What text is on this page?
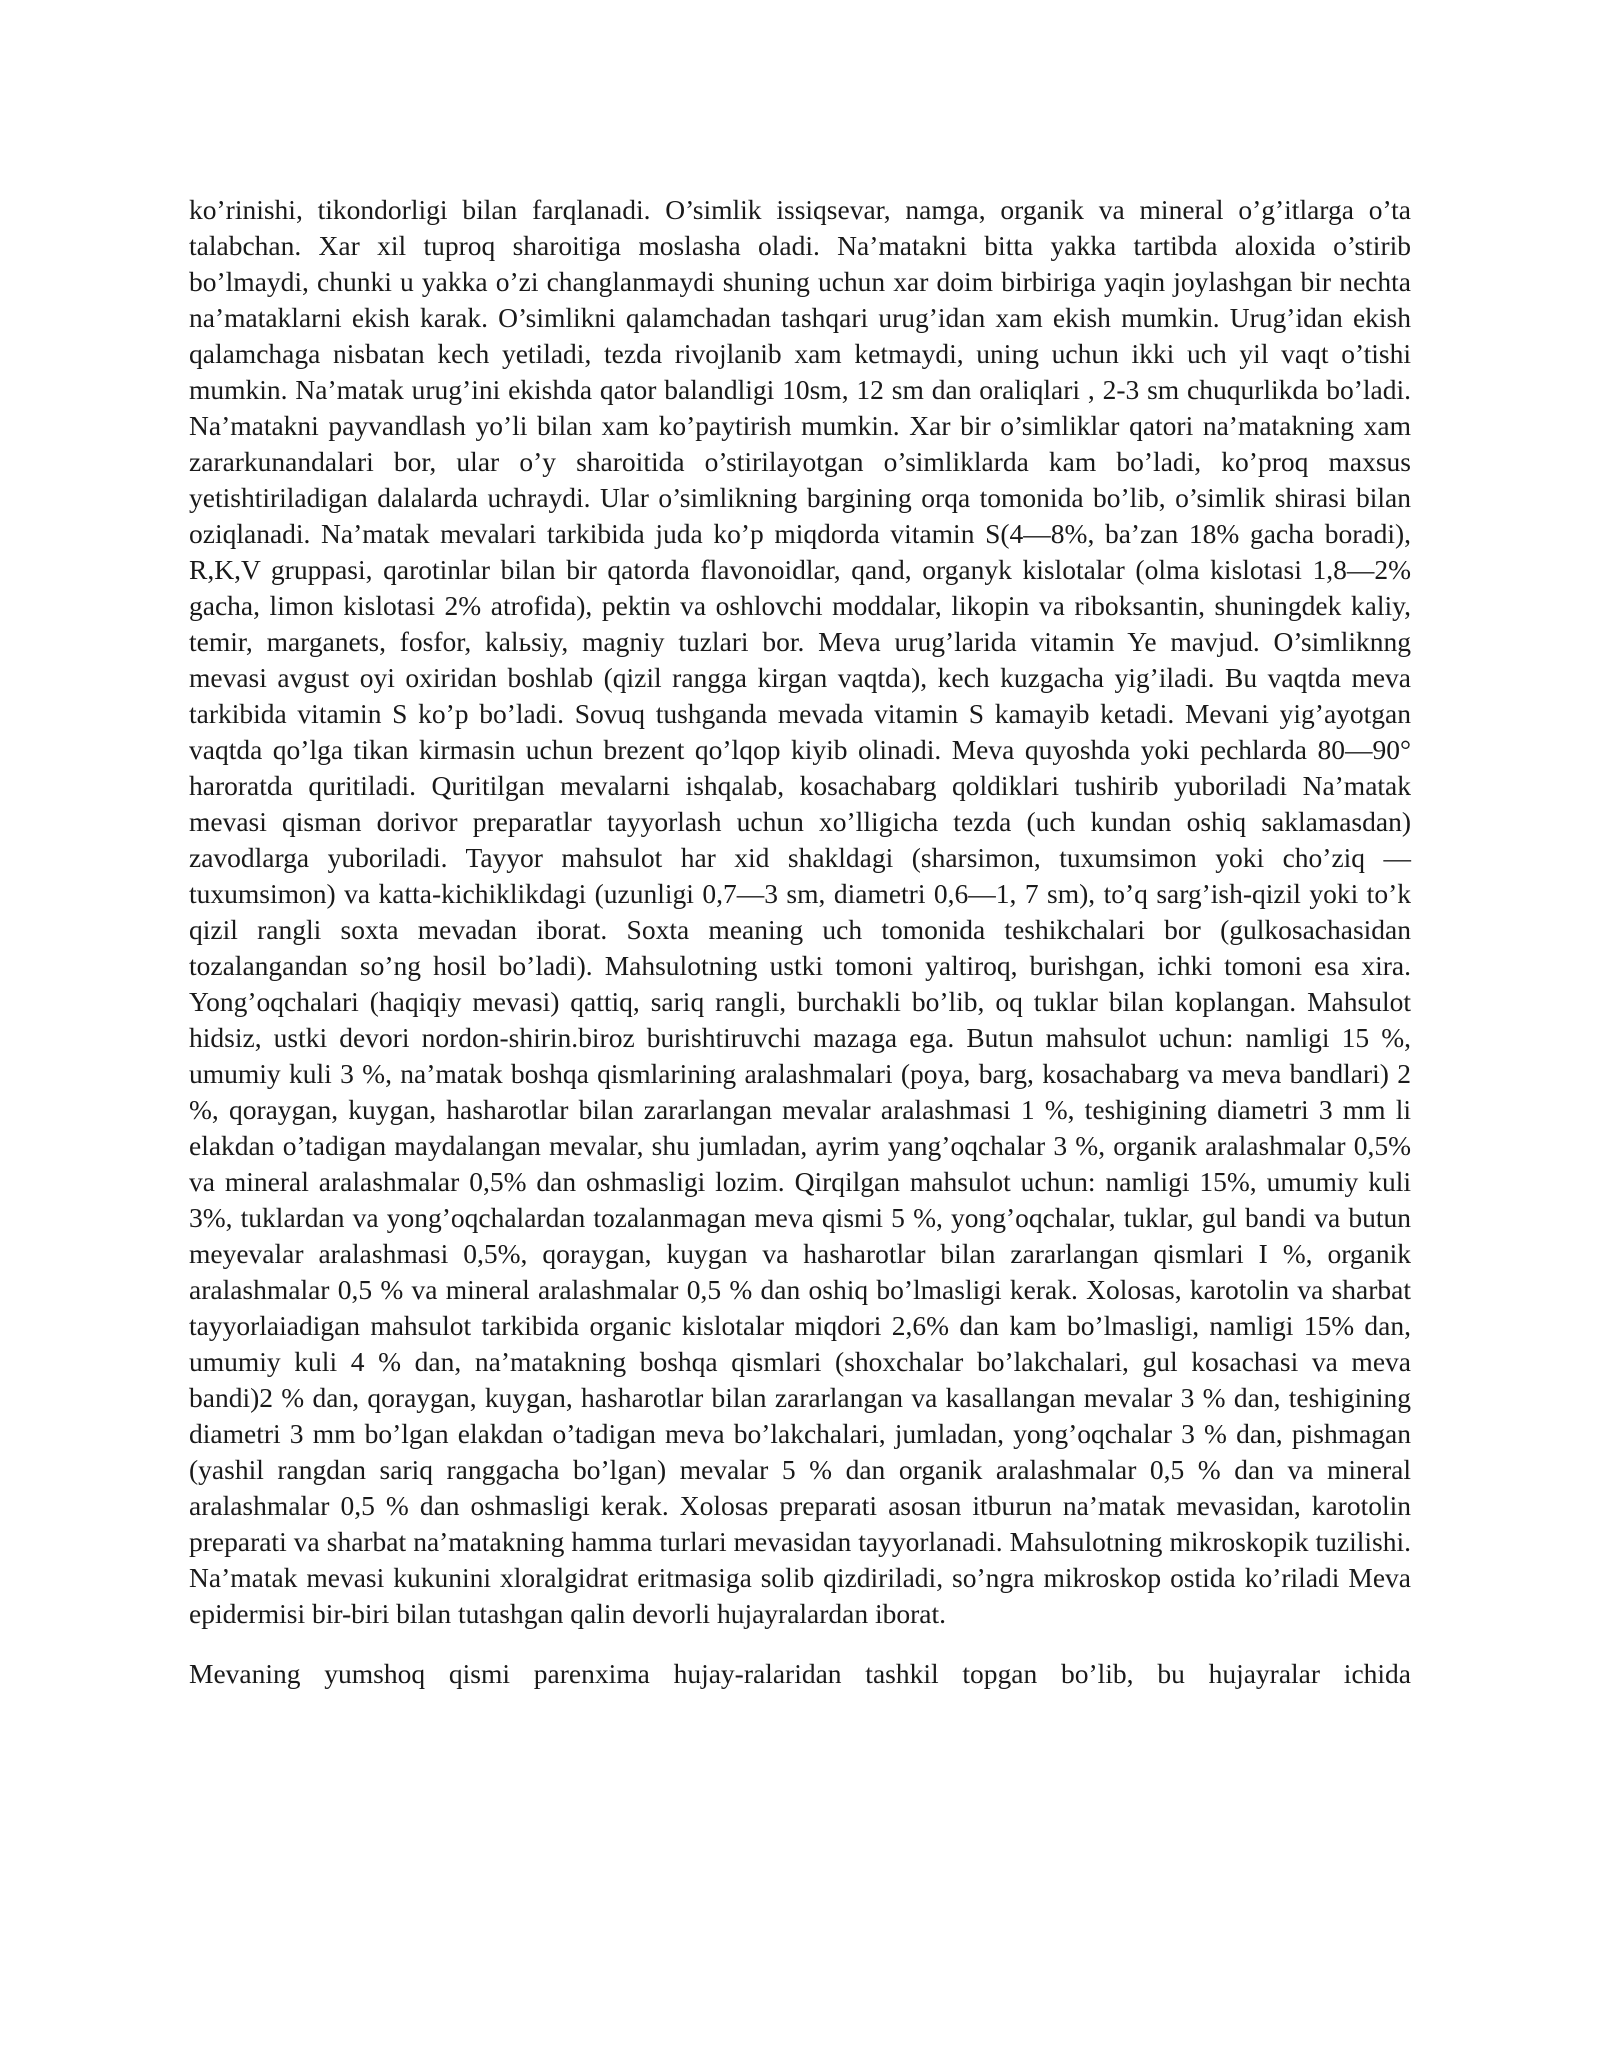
ko’rinishi, tikondorligi bilan farqlanadi. O’simlik issiqsevar, namga, organik va mineral o’g’itlarga o’ta talabchan. Xar xil tuproq sharoitiga moslasha oladi. Na’matakni bitta yakka tartibda aloxida o’stirib bo’lmaydi, chunki u yakka o’zi changlanmaydi shuning uchun xar doim birbiriga yaqin joylashgan bir nechta na’mataklarni ekish karak. O’simlikni qalamchadan tashqari urug’idan xam ekish mumkin. Urug’idan ekish qalamchaga nisbatan kech yetiladi, tezda rivojlanib xam ketmaydi, uning uchun ikki uch yil vaqt o’tishi mumkin. Na’matak urug’ini ekishda qator balandligi 10sm, 12 sm dan oraliqlari , 2-3 sm chuqurlikda bo’ladi. Na’matakni payvandlash yo’li bilan xam ko’paytirish mumkin. Xar bir o’simliklar qatori na’matakning xam zararkunandalari bor, ular o’y sharoitida o’stirilayotgan o’simliklarda kam bo’ladi, ko’proq maxsus yetishtiriladigan dalalarda uchraydi. Ular o’simlikning bargining orqa tomonida bo’lib, o’simlik shirasi bilan oziqlanadi. Na’matak mevalari tarkibida juda ko’p miqdorda vitamin S(4—8%, ba’zan 18% gacha boradi), R,K,V gruppasi, qarotinlar bilan bir qatorda flavonoidlar, qand, organyk kislotalar (olma kislotasi 1,8—2% gacha, limon kislotasi 2% atrofida), pektin va oshlovchi moddalar, likopin va riboksantin, shuningdek kaliy, temir, marganets, fosfor, kalьsiy, magniy tuzlari bor. Meva urug’larida vitamin Ye mavjud. O’simliknng mevasi avgust oyi oxiridan boshlab (qizil rangga kirgan vaqtda), kech kuzgacha yig’iladi. Bu vaqtda meva tarkibida vitamin S ko’p bo’ladi. Sovuq tushganda mevada vitamin S kamayib ketadi. Mevani yig’ayotgan vaqtda qo’lga tikan kirmasin uchun brezent qo’lqop kiyib olinadi. Meva quyoshda yoki pechlarda 80—90° haroratda quritiladi. Quritilgan mevalarni ishqalab, kosachabarg qoldiklari tushirib yuboriladi Na’matak mevasi qisman dorivor preparatlar tayyorlash uchun xo’lligicha tezda (uch kundan oshiq saklamasdan) zavodlarga yuboriladi. Tayyor mahsulot har xid shakldagi (sharsimon, tuxumsimon yoki cho’ziq — tuxumsimon) va katta-kichiklikdagi (uzunligi 0,7—3 sm, diametri 0,6—1, 7 sm), to’q sarg’ish-qizil yoki to’k qizil rangli soxta mevadan iborat. Soxta meaning uch tomonida teshikchalari bor (gulkosachasidan tozalangandan so’ng hosil bo’ladi). Mahsulotning ustki tomoni yaltiroq, burishgan, ichki tomoni esa xira. Yong’oqchalari (haqiqiy mevasi) qattiq, sariq rangli, burchakli bo’lib, oq tuklar bilan koplangan. Mahsulot hidsiz, ustki devori nordon-shirin.biroz burishtiruvchi mazaga ega. Butun mahsulot uchun: namligi 15 %, umumiy kuli 3 %, na’matak boshqa qismlarining aralashmalari (poya, barg, kosachabarg va meva bandlari) 2 %, qoraygan, kuygan, hasharotlar bilan zararlangan mevalar aralashmasi 1 %, teshigining diametri 3 mm li elakdan o’tadigan maydalangan mevalar, shu jumladan, ayrim yang’oqchalar 3 %, organik aralashmalar 0,5% va mineral aralashmalar 0,5% dan oshmasligi lozim. Qirqilgan mahsulot uchun: namligi 15%, umumiy kuli 3%, tuklardan va yong’oqchalardan tozalanmagan meva qismi 5 %, yong’oqchalar, tuklar, gul bandi va butun meyevalar aralashmasi 0,5%, qoraygan, kuygan va hasharotlar bilan zararlangan qismlari I %, organik aralashmalar 0,5 % va mineral aralashmalar 0,5 % dan oshiq bo’lmasligi kerak. Xolosas, karotolin va sharbat tayyorlaiadigan mahsulot tarkibida organic kislotalar miqdori 2,6% dan kam bo’lmasligi, namligi 15% dan, umumiy kuli 4 % dan, na’matakning boshqa qismlari (shoxchalar bo’lakchalari, gul kosachasi va meva bandi)2 % dan, qoraygan, kuygan, hasharotlar bilan zararlangan va kasallangan mevalar 3 % dan, teshigining diametri 3 mm bo’lgan elakdan o’tadigan meva bo’lakchalari, jumladan, yong’oqchalar 3 % dan, pishmagan (yashil rangdan sariq ranggacha bo’lgan) mevalar 5 % dan organik aralashmalar 0,5 % dan va mineral aralashmalar 0,5 % dan oshmasligi kerak. Xolosas preparati asosan itburun na’matak mevasidan, karotolin preparati va sharbat na’matakning hamma turlari mevasidan tayyorlanadi. Mahsulotning mikroskopik tuzilishi. Na’matak mevasi kukunini xloralgidrat eritmasiga solib qizdiriladi, so’ngra mikroskop ostida ko’riladi Meva epidermisi bir-biri bilan tutashgan qalin devorli hujayralardan iborat.

Mevaning yumshoq qismi parenxima hujay-ralaridan tashkil topgan bo’lib, bu hujayralar ichida
